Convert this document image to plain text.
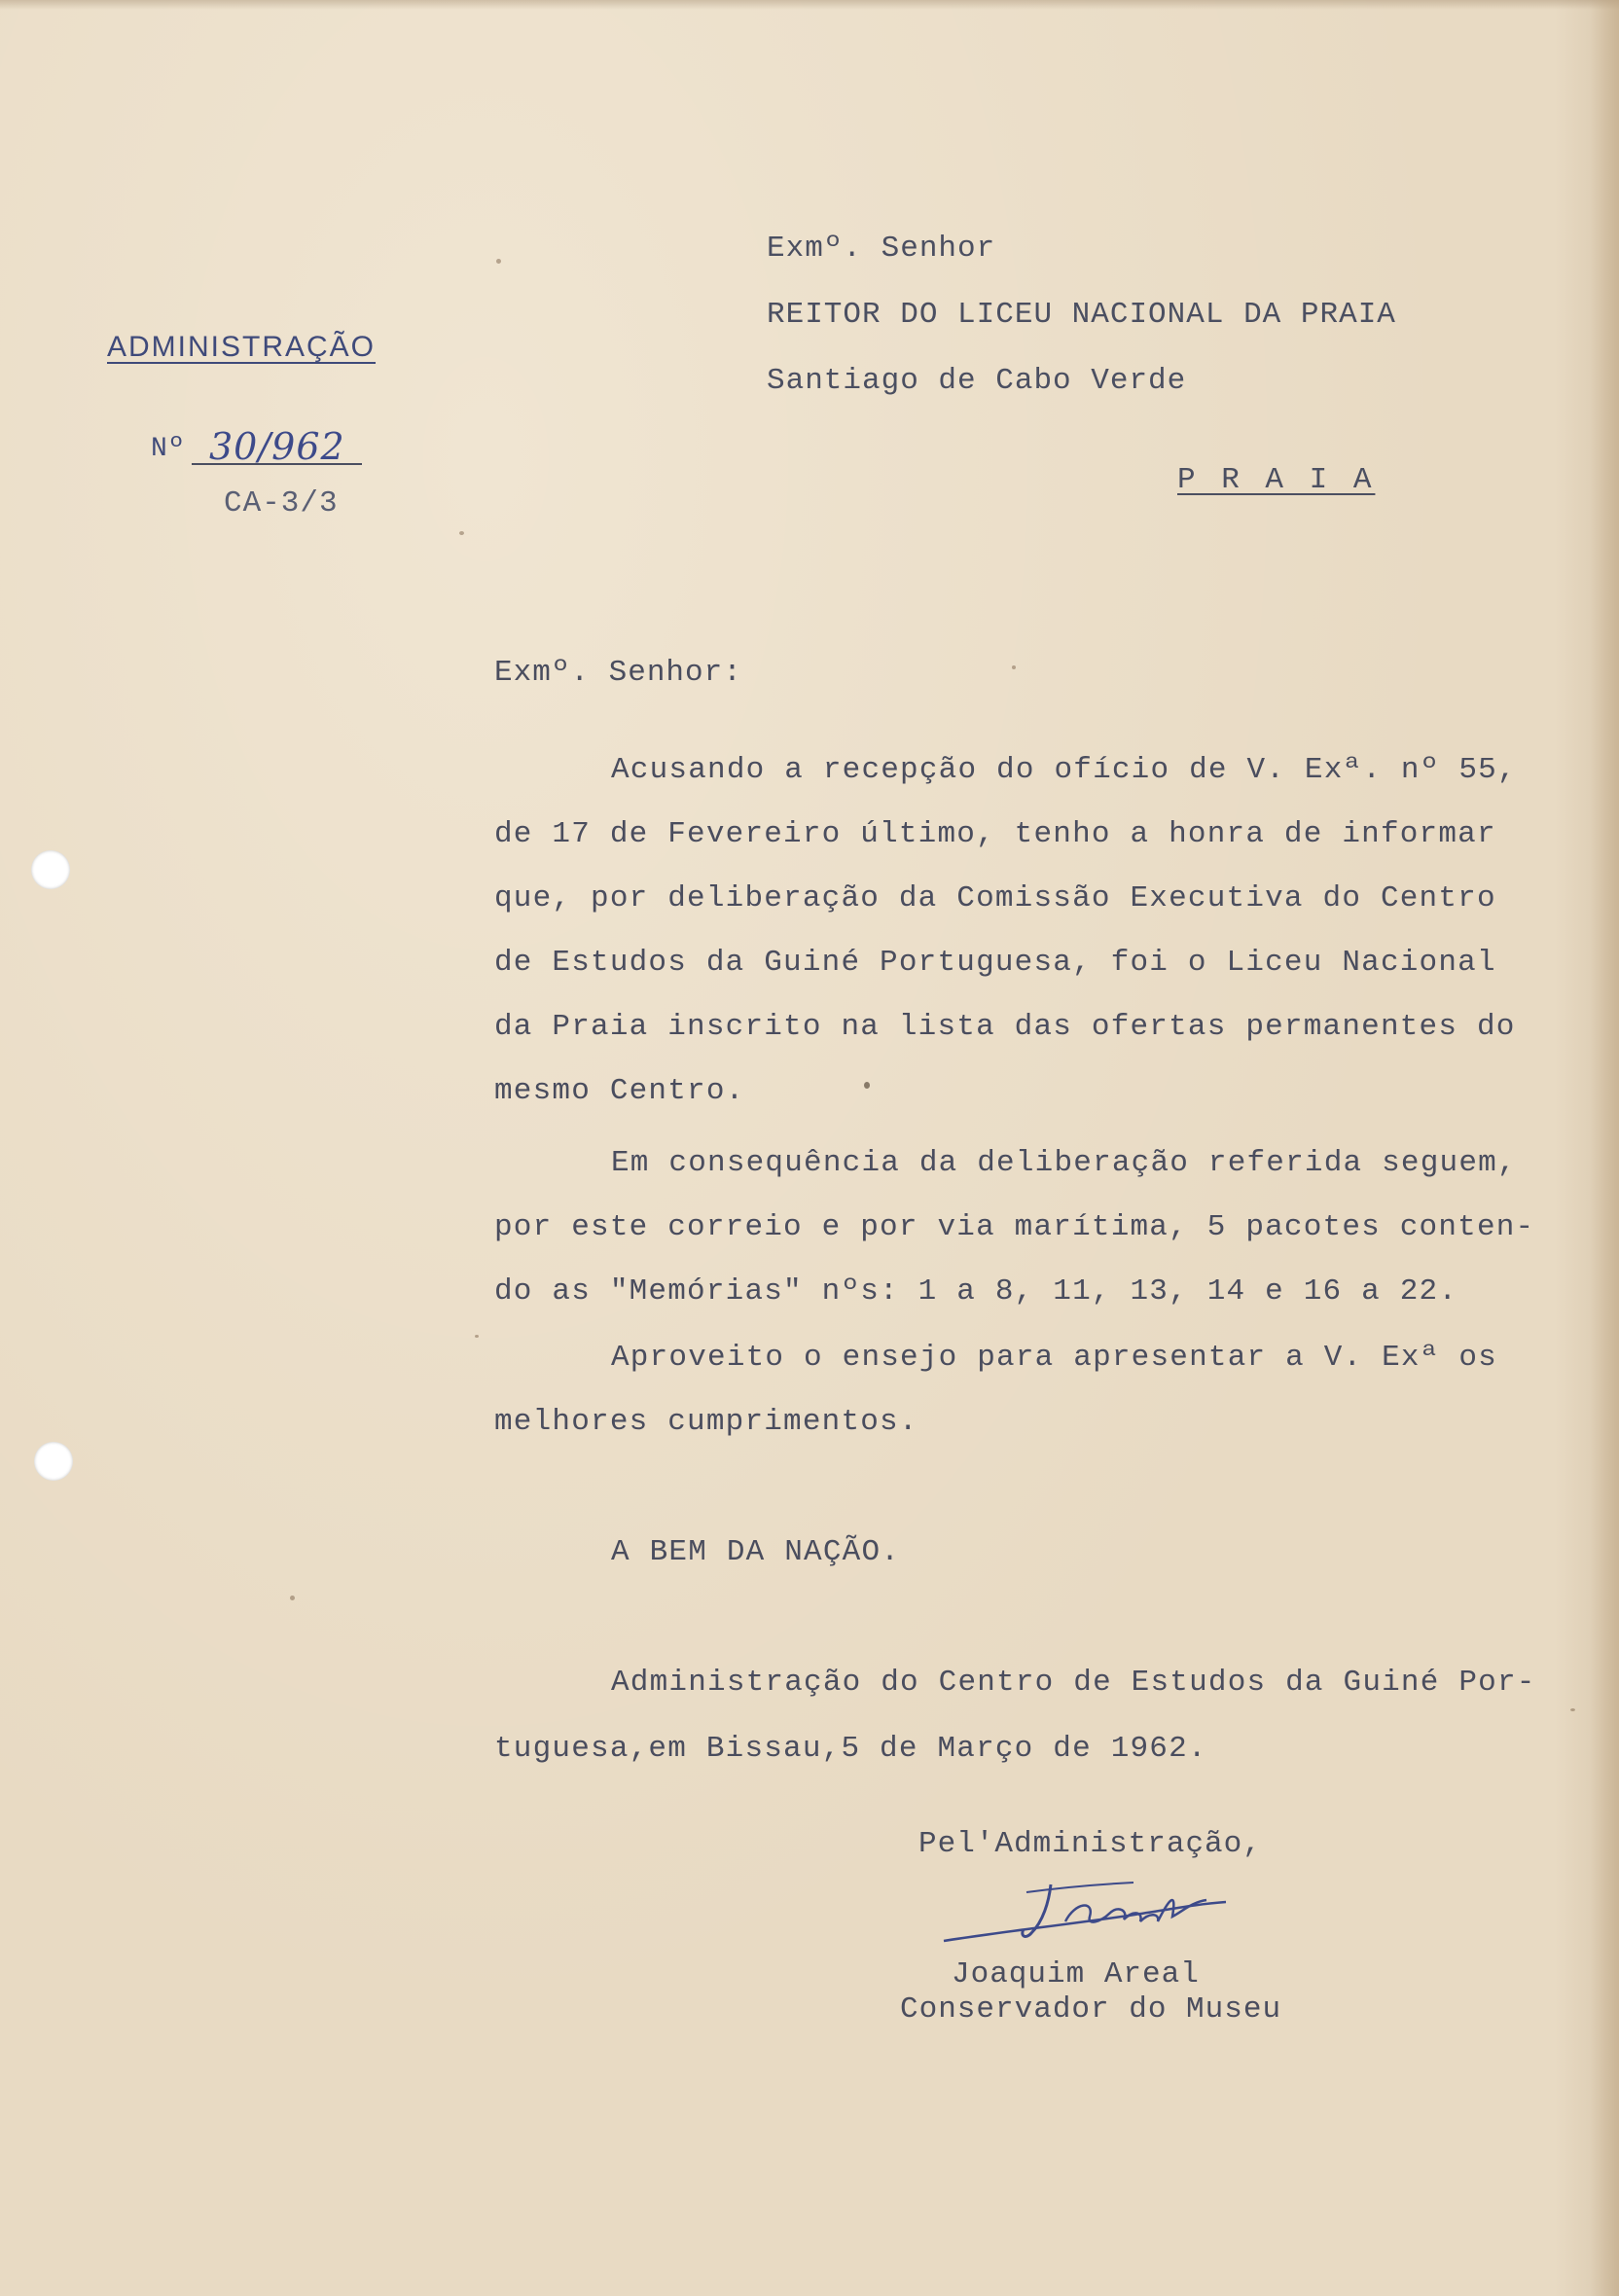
ADMINISTRAÇÃO
Nº 30/962
CA-3/3
Exmº. Senhor
REITOR DO LICEU NACIONAL DA PRAIA
Santiago de Cabo Verde
P R A I A
Exmº. Senhor:
Acusando a recepção do ofício de V. Exª. nº 55,
de 17 de Fevereiro último, tenho a honra de informar
que, por deliberação da Comissão Executiva do Centro
de Estudos da Guiné Portuguesa, foi o Liceu Nacional
da Praia inscrito na lista das ofertas permanentes do
mesmo Centro.
Em consequência da deliberação referida seguem,
por este correio e por via marítima, 5 pacotes conten-
do as "Memórias" nºs: 1 a 8, 11, 13, 14 e 16 a 22.
Aproveito o ensejo para apresentar a V. Exª os
melhores cumprimentos.
A BEM DA NAÇÃO.
Administração do Centro de Estudos da Guiné Por-
tuguesa,em Bissau,5 de Março de 1962.
Pel'Administração,
Joaquim Areal
Conservador do Museu
